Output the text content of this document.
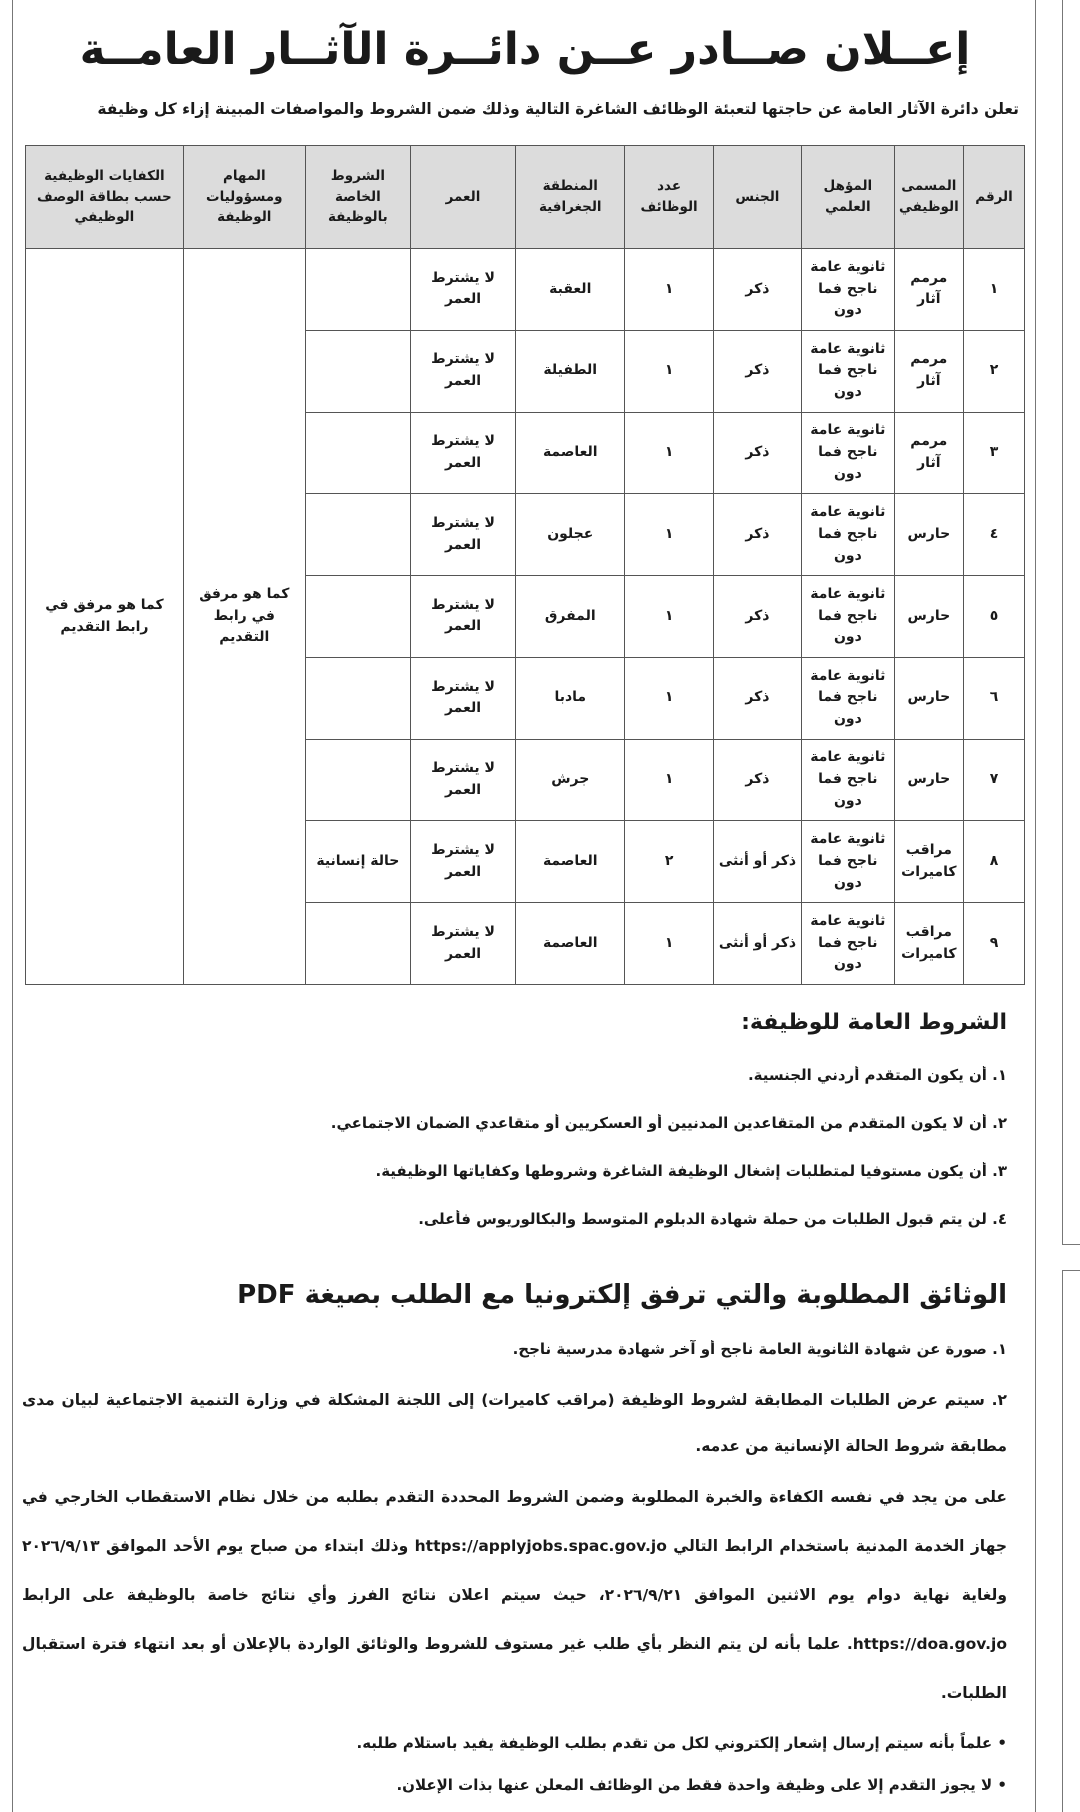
إعــلان صــادر عــن دائــرة الآثــار العامــة
تعلن دائرة الآثار العامة عن حاجتها لتعبئة الوظائف الشاغرة التالية وذلك ضمن الشروط والمواصفات المبينة إزاء كل وظيفة
الرقم	المسمى الوظيفي	المؤهل العلمي	الجنس	عدد الوظائف	المنطقة الجغرافية	العمر	الشروط الخاصة بالوظيفة	المهام ومسؤوليات الوظيفة	الكفايات الوظيفية حسب بطاقة الوصف الوظيفي
١	مرمم آثار	ثانوية عامة ناجح فما دون	ذكر	١	العقبة	لا يشترط العمر		كما هو مرفق في رابط التقديم	كما هو مرفق في رابط التقديم
٢	مرمم آثار	ثانوية عامة ناجح فما دون	ذكر	١	الطفيلة	لا يشترط العمر			
٣	مرمم آثار	ثانوية عامة ناجح فما دون	ذكر	١	العاصمة	لا يشترط العمر			
٤	حارس	ثانوية عامة ناجح فما دون	ذكر	١	عجلون	لا يشترط العمر			
٥	حارس	ثانوية عامة ناجح فما دون	ذكر	١	المفرق	لا يشترط العمر			
٦	حارس	ثانوية عامة ناجح فما دون	ذكر	١	مادبا	لا يشترط العمر			
٧	حارس	ثانوية عامة ناجح فما دون	ذكر	١	جرش	لا يشترط العمر			
٨	مراقب كاميرات	ثانوية عامة ناجح فما دون	ذكر أو أنثى	٢	العاصمة	لا يشترط العمر	حالة إنسانية		
٩	مراقب كاميرات	ثانوية عامة ناجح فما دون	ذكر أو أنثى	١	العاصمة	لا يشترط العمر			
الشروط العامة للوظيفة:
١. أن يكون المتقدم أردني الجنسية.
٢. أن لا يكون المتقدم من المتقاعدين المدنيين أو العسكريين أو متقاعدي الضمان الاجتماعي.
٣. أن يكون مستوفيا لمتطلبات إشغال الوظيفة الشاغرة وشروطها وكفاياتها الوظيفية.
٤. لن يتم قبول الطلبات من حملة شهادة الدبلوم المتوسط والبكالوريوس فأعلى.
الوثائق المطلوبة والتي ترفق إلكترونيا مع الطلب بصيغة PDF
١. صورة عن شهادة الثانوية العامة ناجح أو آخر شهادة مدرسية ناجح.
٢. سيتم عرض الطلبات المطابقة لشروط الوظيفة (مراقب كاميرات) إلى اللجنة المشكلة في وزارة التنمية الاجتماعية لبيان مدى مطابقة شروط الحالة الإنسانية من عدمه.
على من يجد في نفسه الكفاءة والخبرة المطلوبة وضمن الشروط المحددة التقدم بطلبه من خلال نظام الاستقطاب الخارجي في جهاز الخدمة المدنية باستخدام الرابط التالي https://applyjobs.spac.gov.jo وذلك ابتداء من صباح يوم الأحد الموافق ٢٠٢٦/٩/١٣ ولغاية نهاية دوام يوم الاثنين الموافق ٢٠٢٦/٩/٢١، حيث سيتم اعلان نتائج الفرز وأي نتائج خاصة بالوظيفة على الرابط https://doa.gov.jo. علما بأنه لن يتم النظر بأي طلب غير مستوف للشروط والوثائق الواردة بالإعلان أو بعد انتهاء فترة استقبال الطلبات.
• علماً بأنه سيتم إرسال إشعار إلكتروني لكل من تقدم بطلب الوظيفة يفيد باستلام طلبه.
• لا يجوز التقدم إلا على وظيفة واحدة فقط من الوظائف المعلن عنها بذات الإعلان.
